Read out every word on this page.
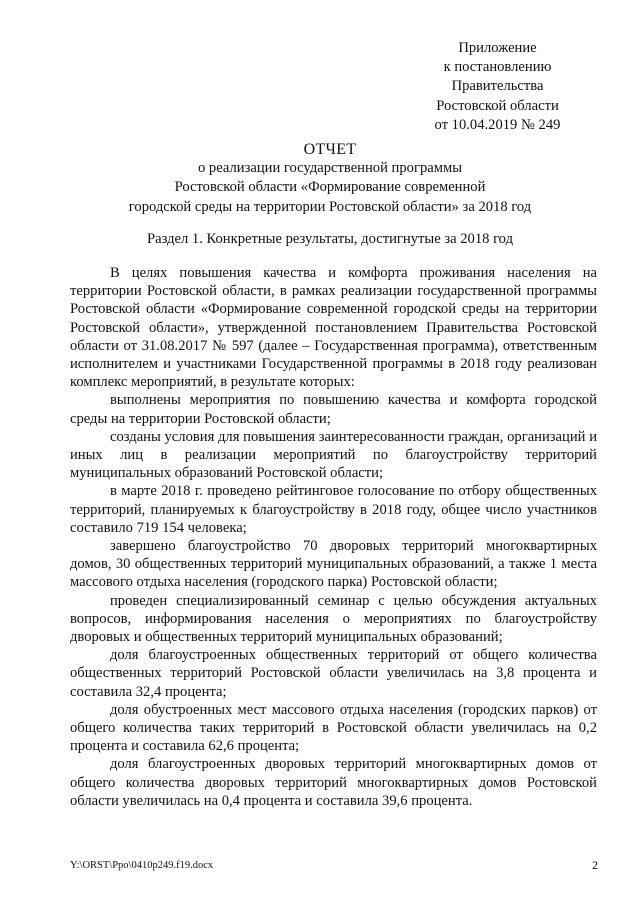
Приложение
к постановлению
Правительства
Ростовской области
от 10.04.2019 № 249
ОТЧЕТ
о реализации государственной программы
Ростовской области «Формирование современной
городской среды на территории Ростовской области» за 2018 год
Раздел 1. Конкретные результаты, достигнутые за 2018 год

В целях повышения качества и комфорта проживания населения на территории Ростовской области, в рамках реализации государственной программы Ростовской области «Формирование современной городской среды на территории Ростовской области», утвержденной постановлением Правительства Ростовской области от 31.08.2017 № 597 (далее – Государственная программа), ответственным исполнителем и участниками Государственной программы в 2018 году реализован комплекс мероприятий, в результате которых:

выполнены мероприятия по повышению качества и комфорта городской среды на территории Ростовской области;

созданы условия для повышения заинтересованности граждан, организаций и иных лиц в реализации мероприятий по благоустройству территорий муниципальных образований Ростовской области;

в марте 2018 г. проведено рейтинговое голосование по отбору общественных территорий, планируемых к благоустройству в 2018 году, общее число участников составило 719 154 человека;

завершено благоустройство 70 дворовых территорий многоквартирных домов, 30 общественных территорий муниципальных образований, а также 1 места массового отдыха населения (городского парка) Ростовской области;

проведен специализированный семинар с целью обсуждения актуальных вопросов, информирования населения о мероприятиях по благоустройству дворовых и общественных территорий муниципальных образований;

доля благоустроенных общественных территорий от общего количества общественных территорий Ростовской области увеличилась на 3,8 процента и составила 32,4 процента;

доля обустроенных мест массового отдыха населения (городских парков) от общего количества таких территорий в Ростовской области увеличилась на 0,2 процента и составила 62,6 процента;

доля благоустроенных дворовых территорий многоквартирных домов от общего количества дворовых территорий многоквартирных домов Ростовской области увеличилась на 0,4 процента и составила 39,6 процента.

Y:\ORST\Ppo\0410p249.f19.docx	2
